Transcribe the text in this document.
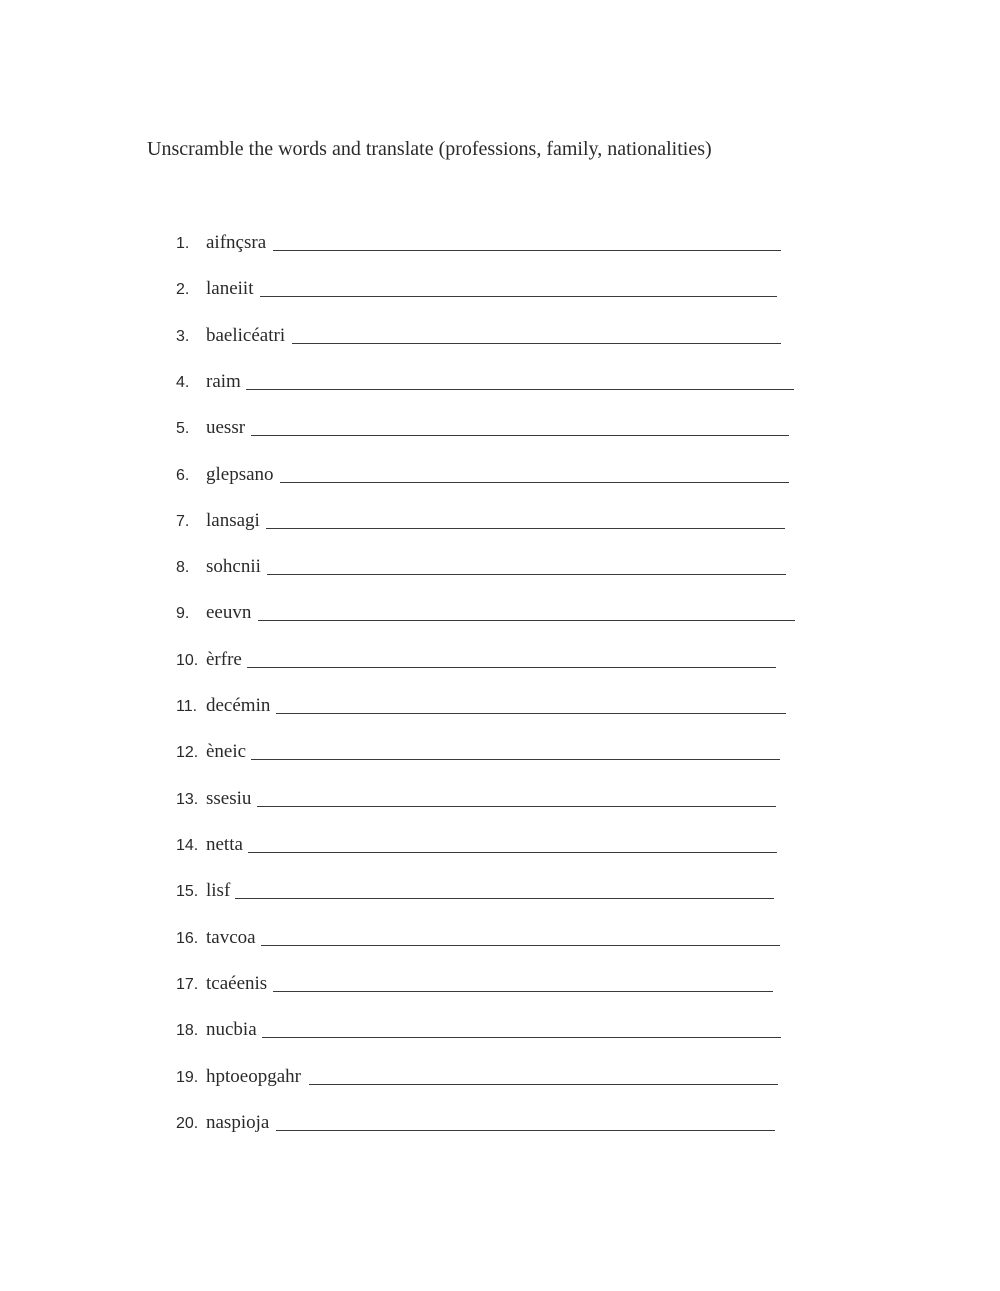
Unscramble the words and translate (professions, family, nationalities)
1. aifnçsra
2. laneiit
3. baelicéatri
4. raim
5. uessr
6. glepsano
7. lansagi
8. sohcnii
9. eeuvn
10. èrfre
11. decémin
12. èneic
13. ssesiu
14. netta
15. lisf
16. tavcoa
17. tcaéenis
18. nucbia
19. hptoeopgahr
20. naspioja
